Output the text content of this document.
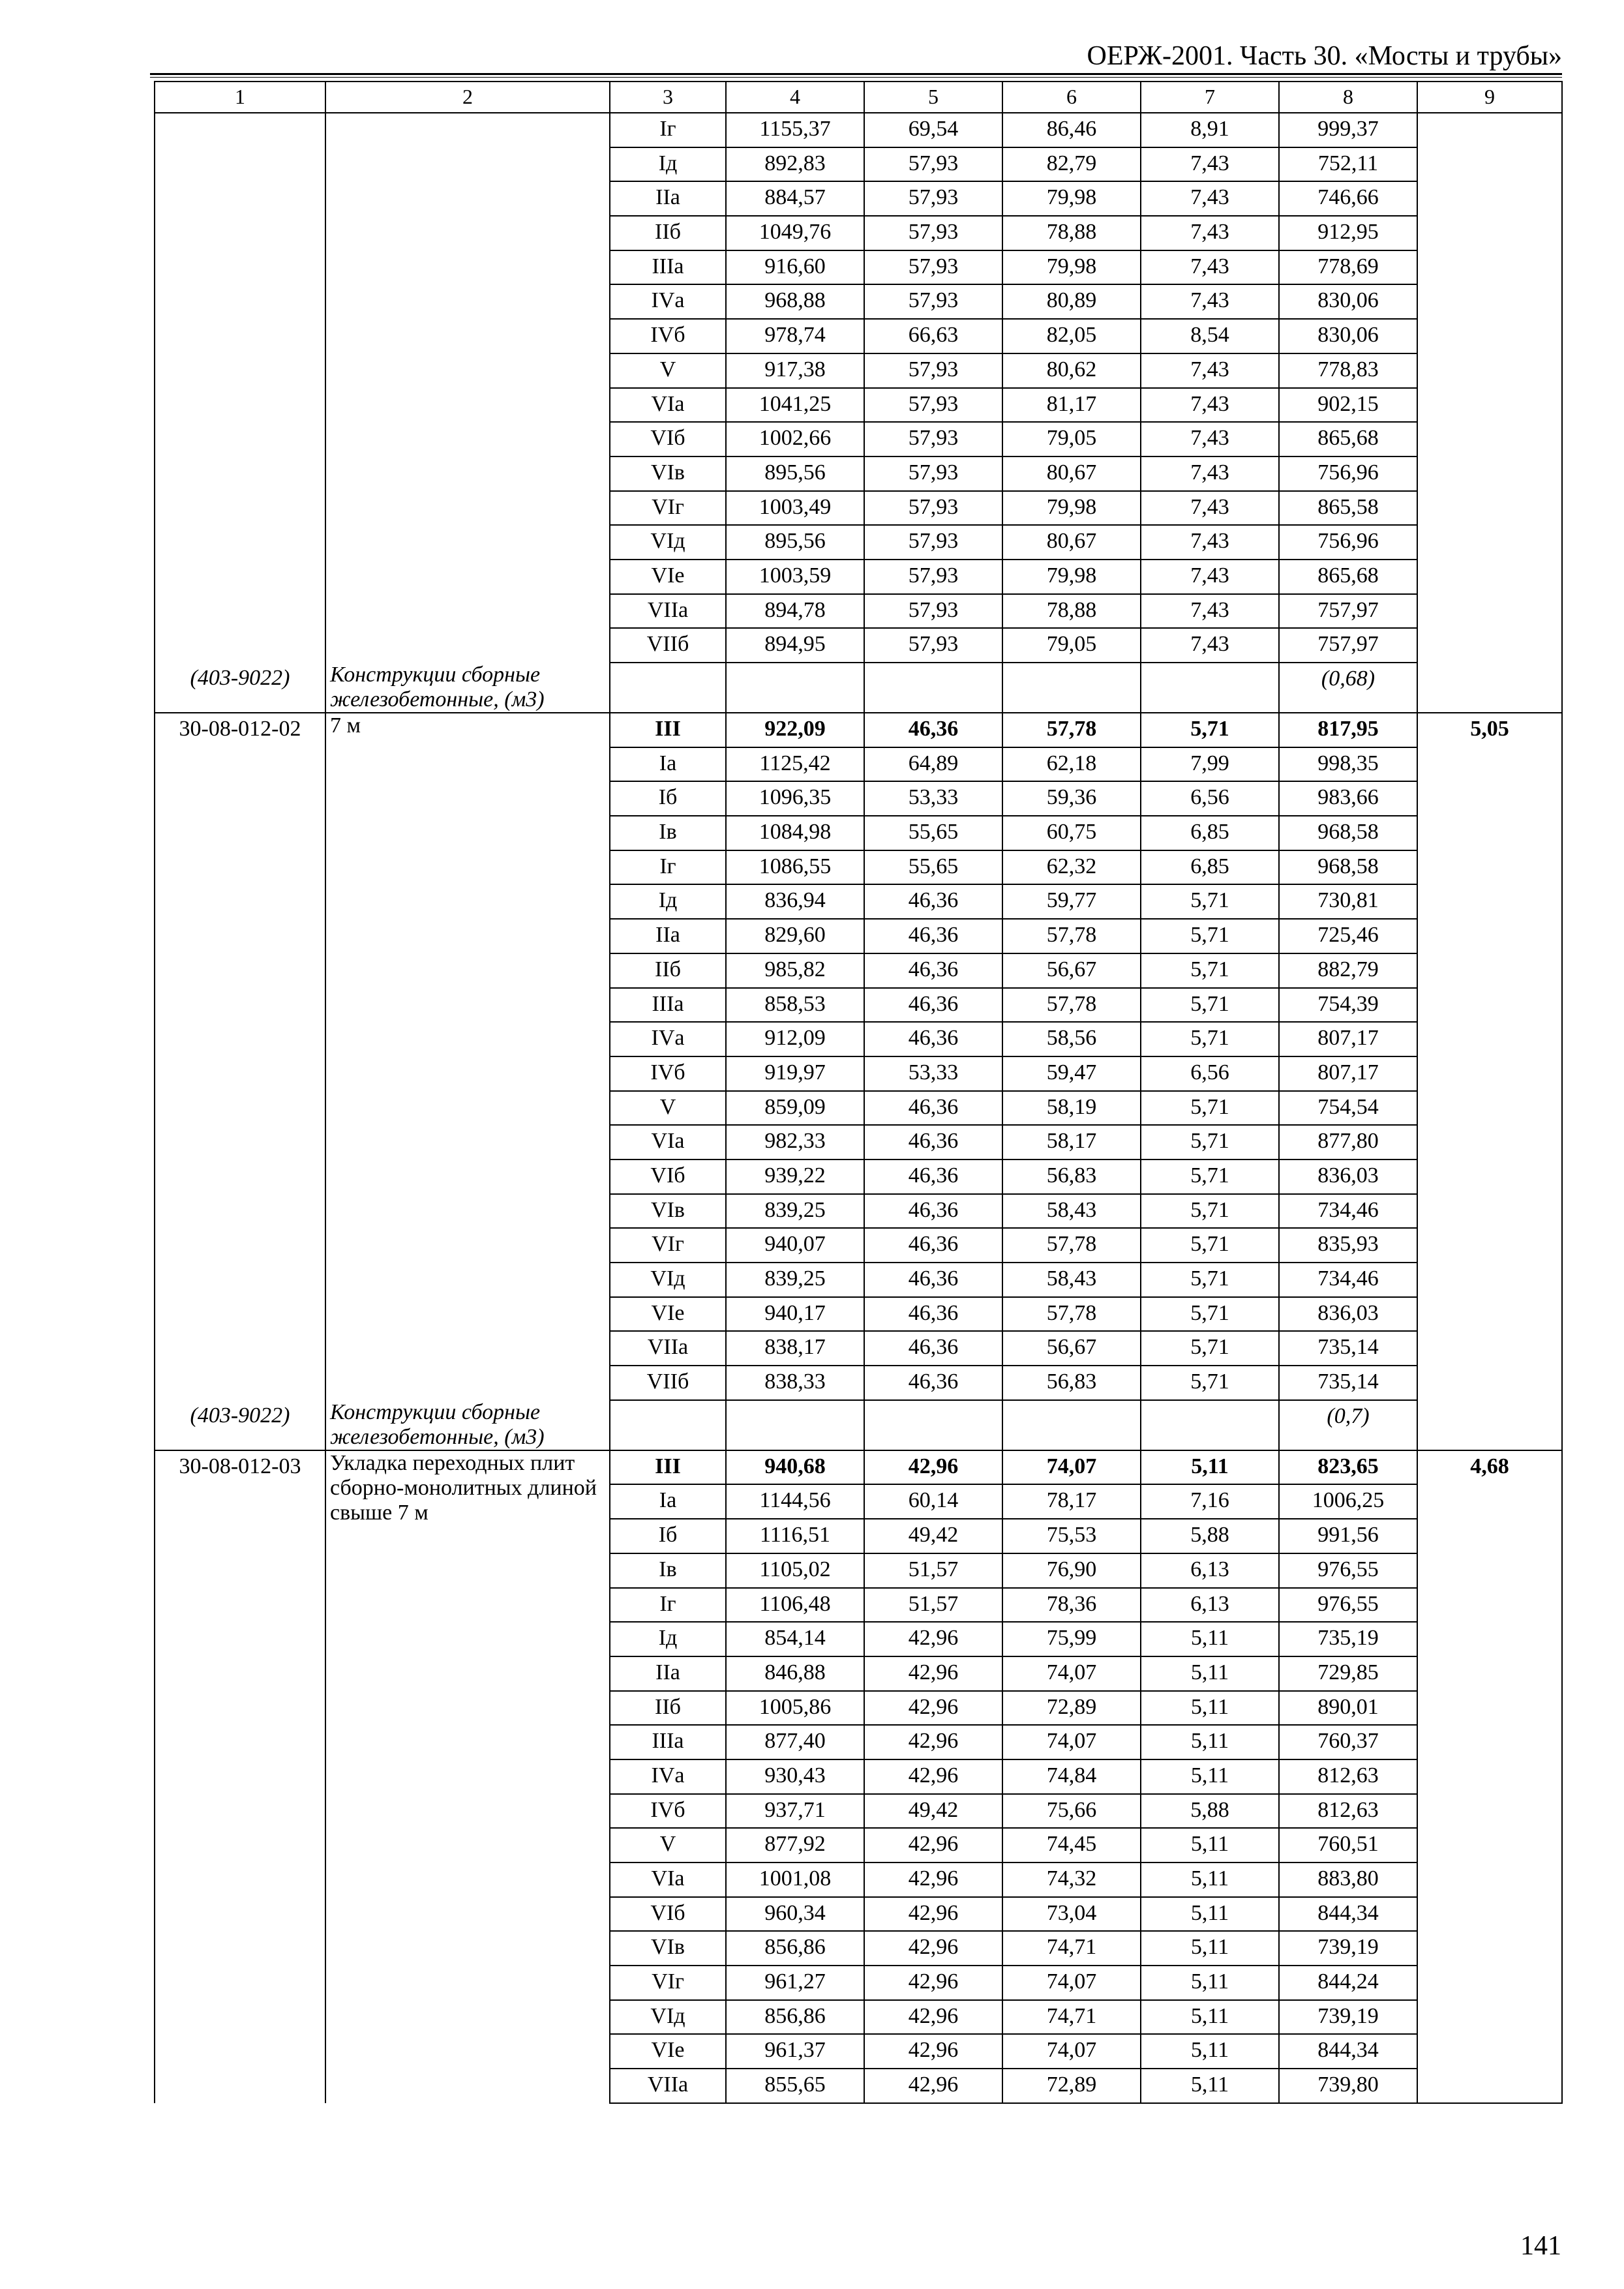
ОЕРЖ-2001. Часть 30. «Мосты и трубы»
1	2	3	4	5	6	7	8	9
		Iг	1155,37	69,54	86,46	8,91	999,37	
		Iд	892,83	57,93	82,79	7,43	752,11	
		IIа	884,57	57,93	79,98	7,43	746,66	
		IIб	1049,76	57,93	78,88	7,43	912,95	
		IIIа	916,60	57,93	79,98	7,43	778,69	
		IVа	968,88	57,93	80,89	7,43	830,06	
		IVб	978,74	66,63	82,05	8,54	830,06	
		V	917,38	57,93	80,62	7,43	778,83	
		VIа	1041,25	57,93	81,17	7,43	902,15	
		VIб	1002,66	57,93	79,05	7,43	865,68	
		VIв	895,56	57,93	80,67	7,43	756,96	
		VIг	1003,49	57,93	79,98	7,43	865,58	
		VIд	895,56	57,93	80,67	7,43	756,96	
		VIе	1003,59	57,93	79,98	7,43	865,68	
		VIIа	894,78	57,93	78,88	7,43	757,97	
		VIIб	894,95	57,93	79,05	7,43	757,97	
(403-9022)	Конструкции сборные железобетонные, (м3)						(0,68)	
30-08-012-02	7 м	III	922,09	46,36	57,78	5,71	817,95	5,05
		Iа	1125,42	64,89	62,18	7,99	998,35	
		Iб	1096,35	53,33	59,36	6,56	983,66	
		Iв	1084,98	55,65	60,75	6,85	968,58	
		Iг	1086,55	55,65	62,32	6,85	968,58	
		Iд	836,94	46,36	59,77	5,71	730,81	
		IIа	829,60	46,36	57,78	5,71	725,46	
		IIб	985,82	46,36	56,67	5,71	882,79	
		IIIа	858,53	46,36	57,78	5,71	754,39	
		IVа	912,09	46,36	58,56	5,71	807,17	
		IVб	919,97	53,33	59,47	6,56	807,17	
		V	859,09	46,36	58,19	5,71	754,54	
		VIа	982,33	46,36	58,17	5,71	877,80	
		VIб	939,22	46,36	56,83	5,71	836,03	
		VIв	839,25	46,36	58,43	5,71	734,46	
		VIг	940,07	46,36	57,78	5,71	835,93	
		VIд	839,25	46,36	58,43	5,71	734,46	
		VIе	940,17	46,36	57,78	5,71	836,03	
		VIIа	838,17	46,36	56,67	5,71	735,14	
		VIIб	838,33	46,36	56,83	5,71	735,14	
(403-9022)	Конструкции сборные железобетонные, (м3)						(0,7)	
30-08-012-03	Укладка переходных плит сборно-монолитных длиной свыше 7 м	III	940,68	42,96	74,07	5,11	823,65	4,68
		Iа	1144,56	60,14	78,17	7,16	1006,25	
		Iб	1116,51	49,42	75,53	5,88	991,56	
		Iв	1105,02	51,57	76,90	6,13	976,55	
		Iг	1106,48	51,57	78,36	6,13	976,55	
		Iд	854,14	42,96	75,99	5,11	735,19	
		IIа	846,88	42,96	74,07	5,11	729,85	
		IIб	1005,86	42,96	72,89	5,11	890,01	
		IIIа	877,40	42,96	74,07	5,11	760,37	
		IVа	930,43	42,96	74,84	5,11	812,63	
		IVб	937,71	49,42	75,66	5,88	812,63	
		V	877,92	42,96	74,45	5,11	760,51	
		VIа	1001,08	42,96	74,32	5,11	883,80	
		VIб	960,34	42,96	73,04	5,11	844,34	
		VIв	856,86	42,96	74,71	5,11	739,19	
		VIг	961,27	42,96	74,07	5,11	844,24	
		VIд	856,86	42,96	74,71	5,11	739,19	
		VIе	961,37	42,96	74,07	5,11	844,34	
		VIIа	855,65	42,96	72,89	5,11	739,80	
141
